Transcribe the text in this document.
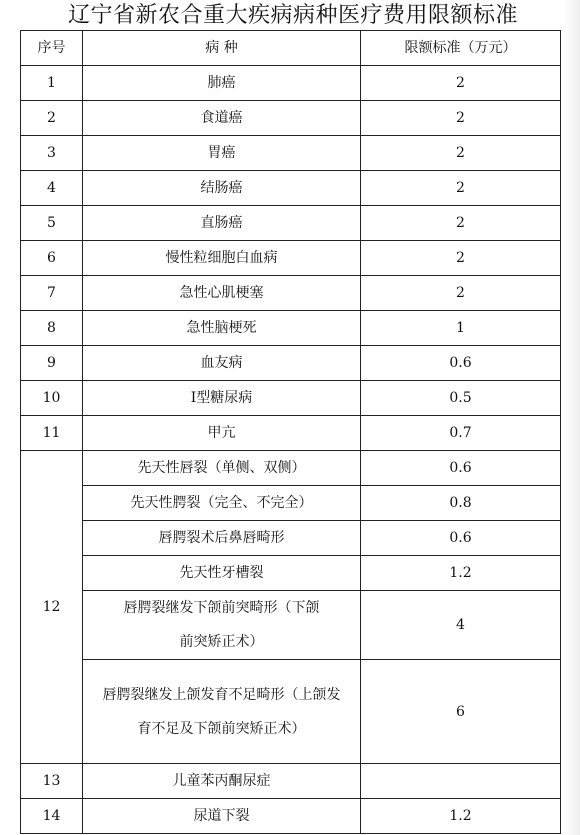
辽宁省新农合重大疾病病种医疗费用限额标准
序号	病 种	限额标准（万元）
1	肺癌	2
2	食道癌	2
3	胃癌	2
4	结肠癌	2
5	直肠癌	2
6	慢性粒细胞白血病	2
7	急性心肌梗塞	2
8	急性脑梗死	1
9	血友病	0.6
10	I型糖尿病	0.5
11	甲亢	0.7
12	先天性唇裂（单侧、双侧）	0.6
	先天性腭裂（完全、不完全）	0.8
	唇腭裂术后鼻唇畸形	0.6
	先天性牙槽裂	1.2
	唇腭裂继发下颌前突畸形（下颌前突矫正术）	4
	唇腭裂继发上颌发育不足畸形（上颌发育不足及下颌前突矫正术）	6
13	儿童苯丙酮尿症	
14	尿道下裂	1.2
